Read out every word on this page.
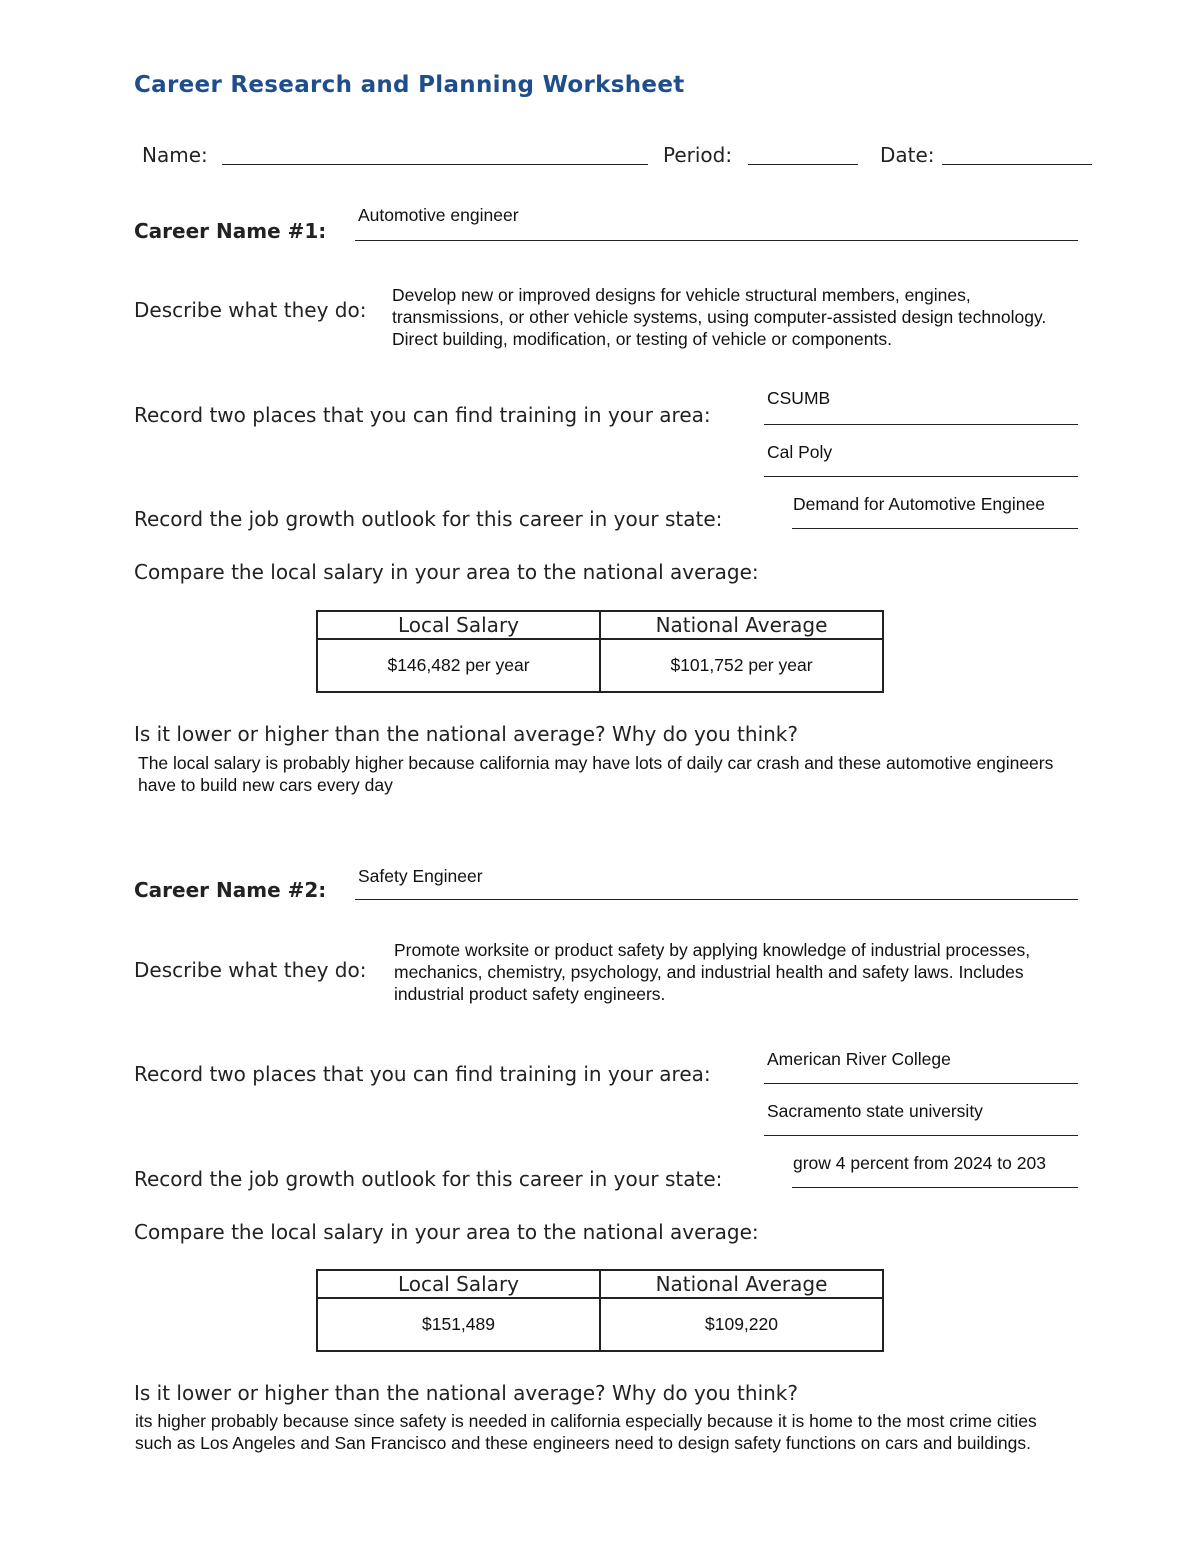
Career Research and Planning Worksheet
Name:	Period:	Date:
Career Name #1:
Automotive engineer
Describe what they do:
Develop new or improved designs for vehicle structural members, engines, transmissions, or other vehicle systems, using computer-assisted design technology. Direct building, modification, or testing of vehicle or components.
Record two places that you can find training in your area:
CSUMB
Cal Poly
Record the job growth outlook for this career in your state:
Demand for Automotive Enginee
Compare the local salary in your area to the national average:
Local Salary	National Average
$146,482 per year	$101,752 per year
Is it lower or higher than the national average? Why do you think?
The local salary is probably higher because california may have lots of daily car crash and these automotive engineers have to build new cars every day
Career Name #2:
Safety Engineer
Describe what they do:
Promote worksite or product safety by applying knowledge of industrial processes, mechanics, chemistry, psychology, and industrial health and safety laws. Includes industrial product safety engineers.
Record two places that you can find training in your area:
American River College
Sacramento state university
Record the job growth outlook for this career in your state:
grow 4 percent from 2024 to 203
Compare the local salary in your area to the national average:
Local Salary	National Average
$151,489	$109,220
Is it lower or higher than the national average? Why do you think?
its higher probably because since safety is needed in california especially because it is home to the most crime cities such as Los Angeles and San Francisco and these engineers need to design safety functions on cars and buildings.
